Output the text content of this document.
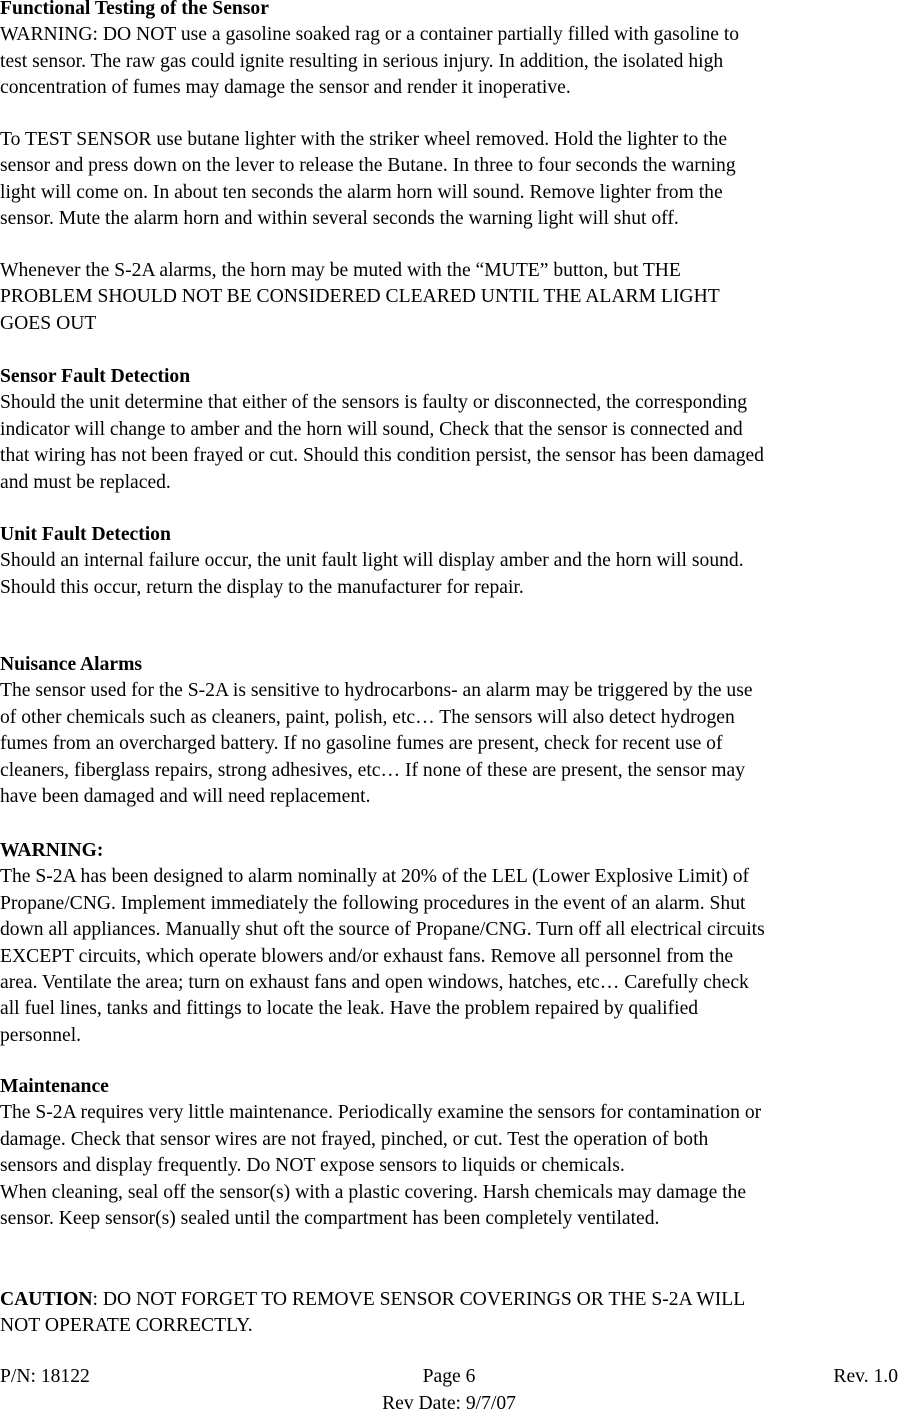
Functional Testing of the Sensor

WARNING: DO NOT use a gasoline soaked rag or a container partially filled with gasoline to

test sensor. The raw gas could ignite resulting in serious injury. In addition, the isolated high

concentration of fumes may damage the sensor and render it inoperative.

To TEST SENSOR use butane lighter with the striker wheel removed. Hold the lighter to the

sensor and press down on the lever to release the Butane. In three to four seconds the warning

light will come on. In about ten seconds the alarm horn will sound. Remove lighter from the

sensor. Mute the alarm horn and within several seconds the warning light will shut off.

Whenever the S-2A alarms, the horn may be muted with the “MUTE” button, but THE

PROBLEM SHOULD NOT BE CONSIDERED CLEARED UNTIL THE ALARM LIGHT

GOES OUT

Sensor Fault Detection

Should the unit determine that either of the sensors is faulty or disconnected, the corresponding

indicator will change to amber and the horn will sound, Check that the sensor is connected and

that wiring has not been frayed or cut. Should this condition persist, the sensor has been damaged

and must be replaced.

Unit Fault Detection

Should an internal failure occur, the unit fault light will display amber and the horn will sound.

Should this occur, return the display to the manufacturer for repair.

Nuisance Alarms

The sensor used for the S-2A is sensitive to hydrocarbons- an alarm may be triggered by the use

of other chemicals such as cleaners, paint, polish, etc… The sensors will also detect hydrogen

fumes from an overcharged battery. If no gasoline fumes are present, check for recent use of

cleaners, fiberglass repairs, strong adhesives, etc… If none of these are present, the sensor may

have been damaged and will need replacement.

WARNING:

The S-2A has been designed to alarm nominally at 20% of the LEL (Lower Explosive Limit) of

Propane/CNG. Implement immediately the following procedures in the event of an alarm. Shut

down all appliances. Manually shut oft the source of Propane/CNG. Turn off all electrical circuits

EXCEPT circuits, which operate blowers and/or exhaust fans. Remove all personnel from the

area. Ventilate the area; turn on exhaust fans and open windows, hatches, etc… Carefully check

all fuel lines, tanks and fittings to locate the leak. Have the problem repaired by qualified

personnel.

Maintenance

The S-2A requires very little maintenance. Periodically examine the sensors for contamination or

damage. Check that sensor wires are not frayed, pinched, or cut. Test the operation of both

sensors and display frequently. Do NOT expose sensors to liquids or chemicals.

When cleaning, seal off the sensor(s) with a plastic covering. Harsh chemicals may damage the

sensor. Keep sensor(s) sealed until the compartment has been completely ventilated.

CAUTION: DO NOT FORGET TO REMOVE SENSOR COVERINGS OR THE S-2A WILL

NOT OPERATE CORRECTLY.

P/N: 18122	Page 6	Rev. 1.0
Rev Date: 9/7/07
